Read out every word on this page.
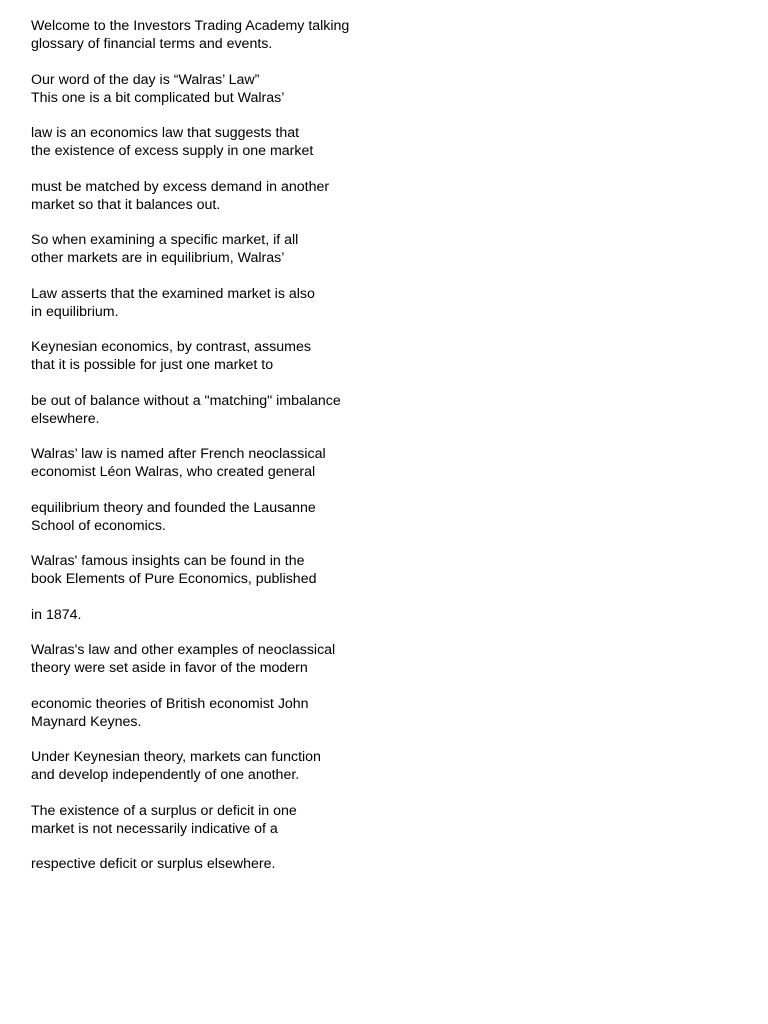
Welcome to the Investors Trading Academy talking
glossary of financial terms and events.

Our word of the day is “Walras’ Law”
This one is a bit complicated but Walras’

law is an economics law that suggests that
the existence of excess supply in one market

must be matched by excess demand in another
market so that it balances out.

So when examining a specific market, if all
other markets are in equilibrium, Walras’

Law asserts that the examined market is also
in equilibrium.

Keynesian economics, by contrast, assumes
that it is possible for just one market to

be out of balance without a "matching" imbalance
elsewhere.

Walras’ law is named after French neoclassical
economist Léon Walras, who created general

equilibrium theory and founded the Lausanne
School of economics.

Walras' famous insights can be found in the
book Elements of Pure Economics, published

in 1874.

Walras's law and other examples of neoclassical
theory were set aside in favor of the modern

economic theories of British economist John
Maynard Keynes.

Under Keynesian theory, markets can function
and develop independently of one another.

The existence of a surplus or deficit in one
market is not necessarily indicative of a

respective deficit or surplus elsewhere.
